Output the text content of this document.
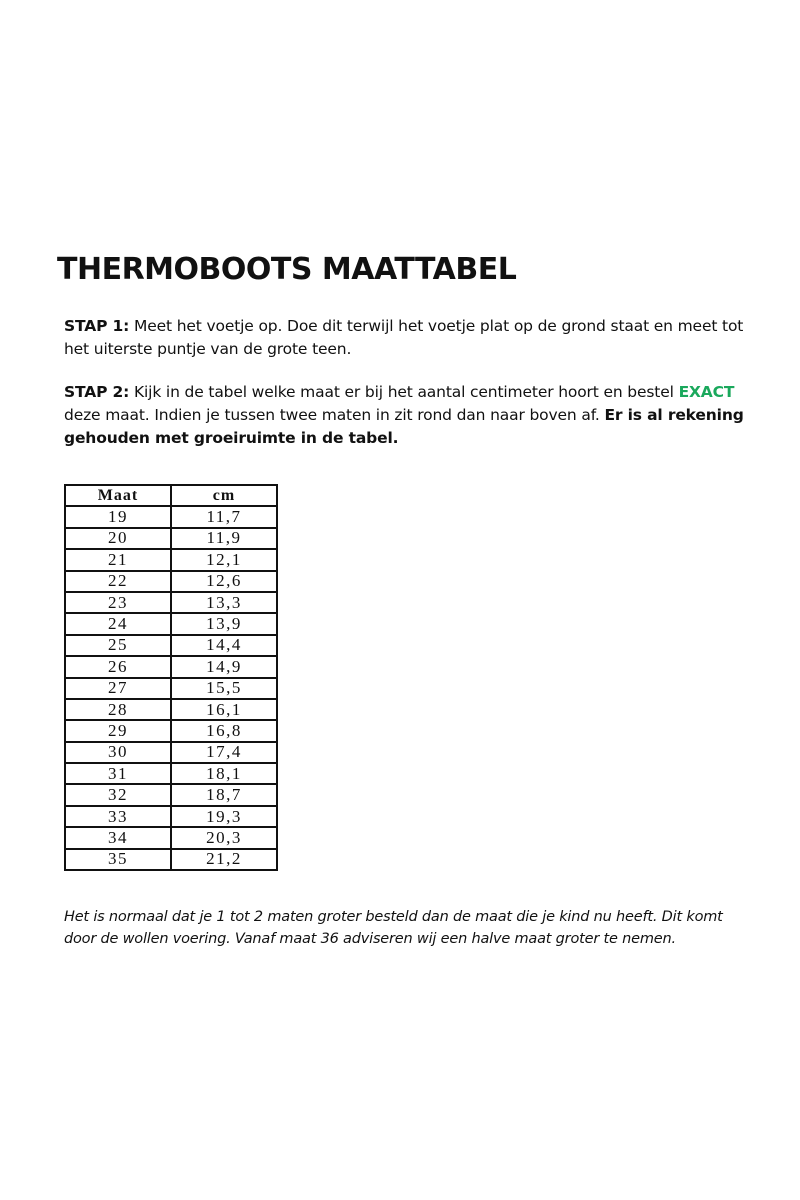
THERMOBOOTS MAATTABEL

STAP 1: Meet het voetje op. Doe dit terwijl het voetje plat op de grond staat en meet tot het uiterste puntje van de grote teen.

STAP 2: Kijk in de tabel welke maat er bij het aantal centimeter hoort en bestel EXACT deze maat. Indien je tussen twee maten in zit rond dan naar boven af. Er is al rekening gehouden met groeiruimte in de tabel.

Maat	cm
19	11,7
20	11,9
21	12,1
22	12,6
23	13,3
24	13,9
25	14,4
26	14,9
27	15,5
28	16,1
29	16,8
30	17,4
31	18,1
32	18,7
33	19,3
34	20,3
35	21,2

Het is normaal dat je 1 tot 2 maten groter besteld dan de maat die je kind nu heeft. Dit komt door de wollen voering. Vanaf maat 36 adviseren wij een halve maat groter te nemen.
